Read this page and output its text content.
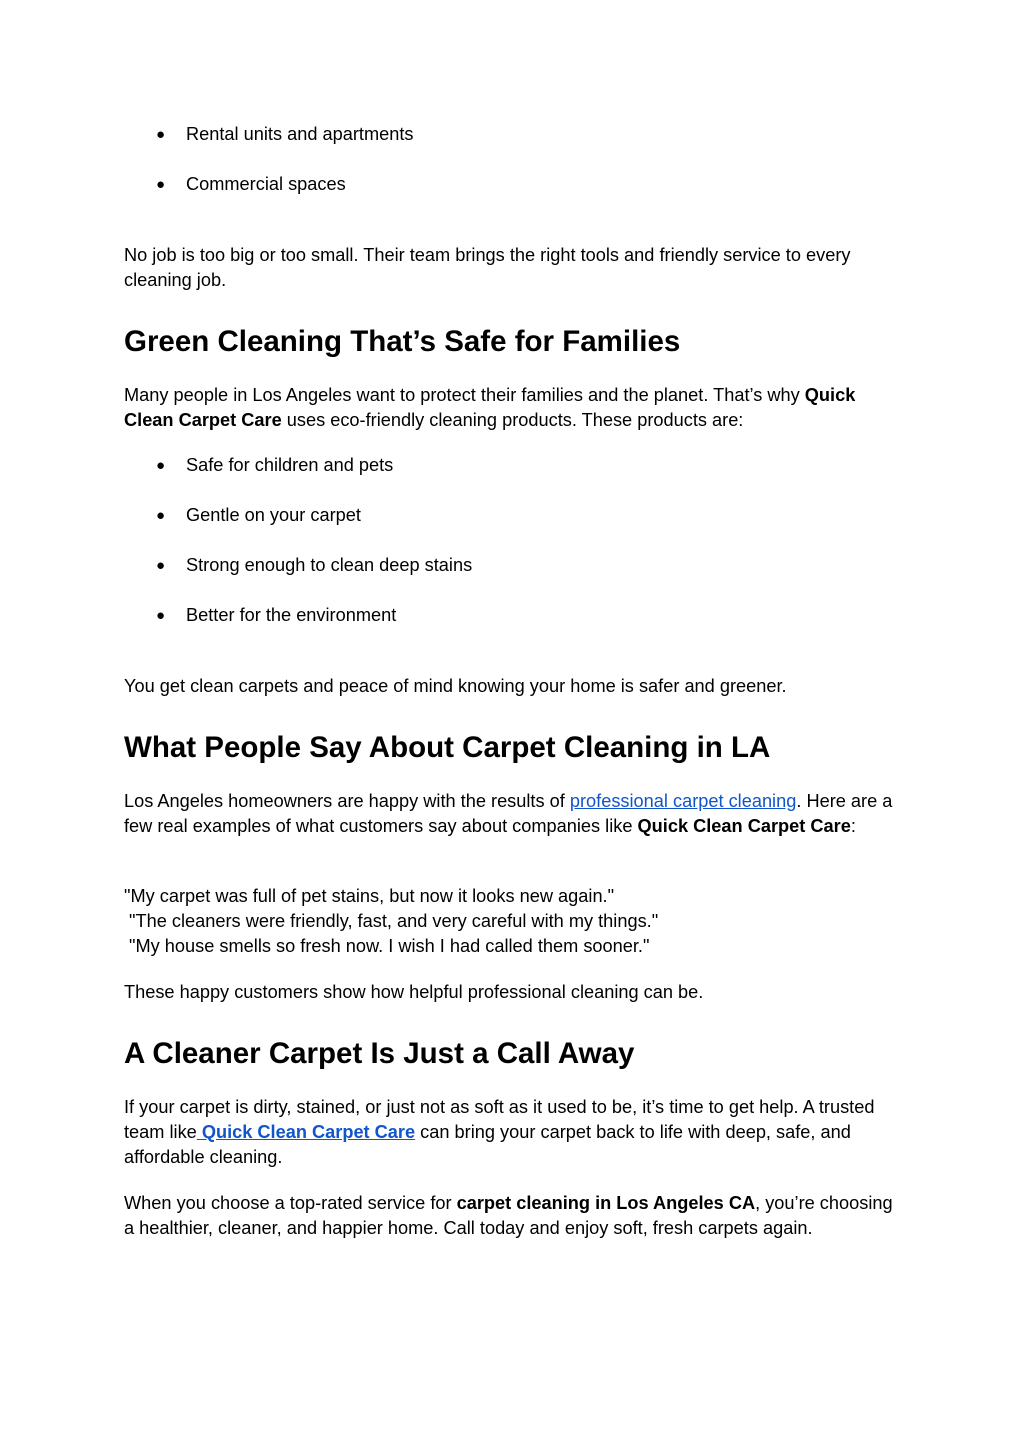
● Rental units and apartments

● Commercial spaces

No job is too big or too small. Their team brings the right tools and friendly service to every cleaning job.

Green Cleaning That’s Safe for Families

Many people in Los Angeles want to protect their families and the planet. That’s why Quick Clean Carpet Care uses eco-friendly cleaning products. These products are:

● Safe for children and pets

● Gentle on your carpet

● Strong enough to clean deep stains

● Better for the environment

You get clean carpets and peace of mind knowing your home is safer and greener.

What People Say About Carpet Cleaning in LA

Los Angeles homeowners are happy with the results of professional carpet cleaning. Here are a few real examples of what customers say about companies like Quick Clean Carpet Care:

"My carpet was full of pet stains, but now it looks new again."
"The cleaners were friendly, fast, and very careful with my things."
"My house smells so fresh now. I wish I had called them sooner."

These happy customers show how helpful professional cleaning can be.

A Cleaner Carpet Is Just a Call Away

If your carpet is dirty, stained, or just not as soft as it used to be, it’s time to get help. A trusted team like Quick Clean Carpet Care can bring your carpet back to life with deep, safe, and affordable cleaning.

When you choose a top-rated service for carpet cleaning in Los Angeles CA, you’re choosing a healthier, cleaner, and happier home. Call today and enjoy soft, fresh carpets again.
